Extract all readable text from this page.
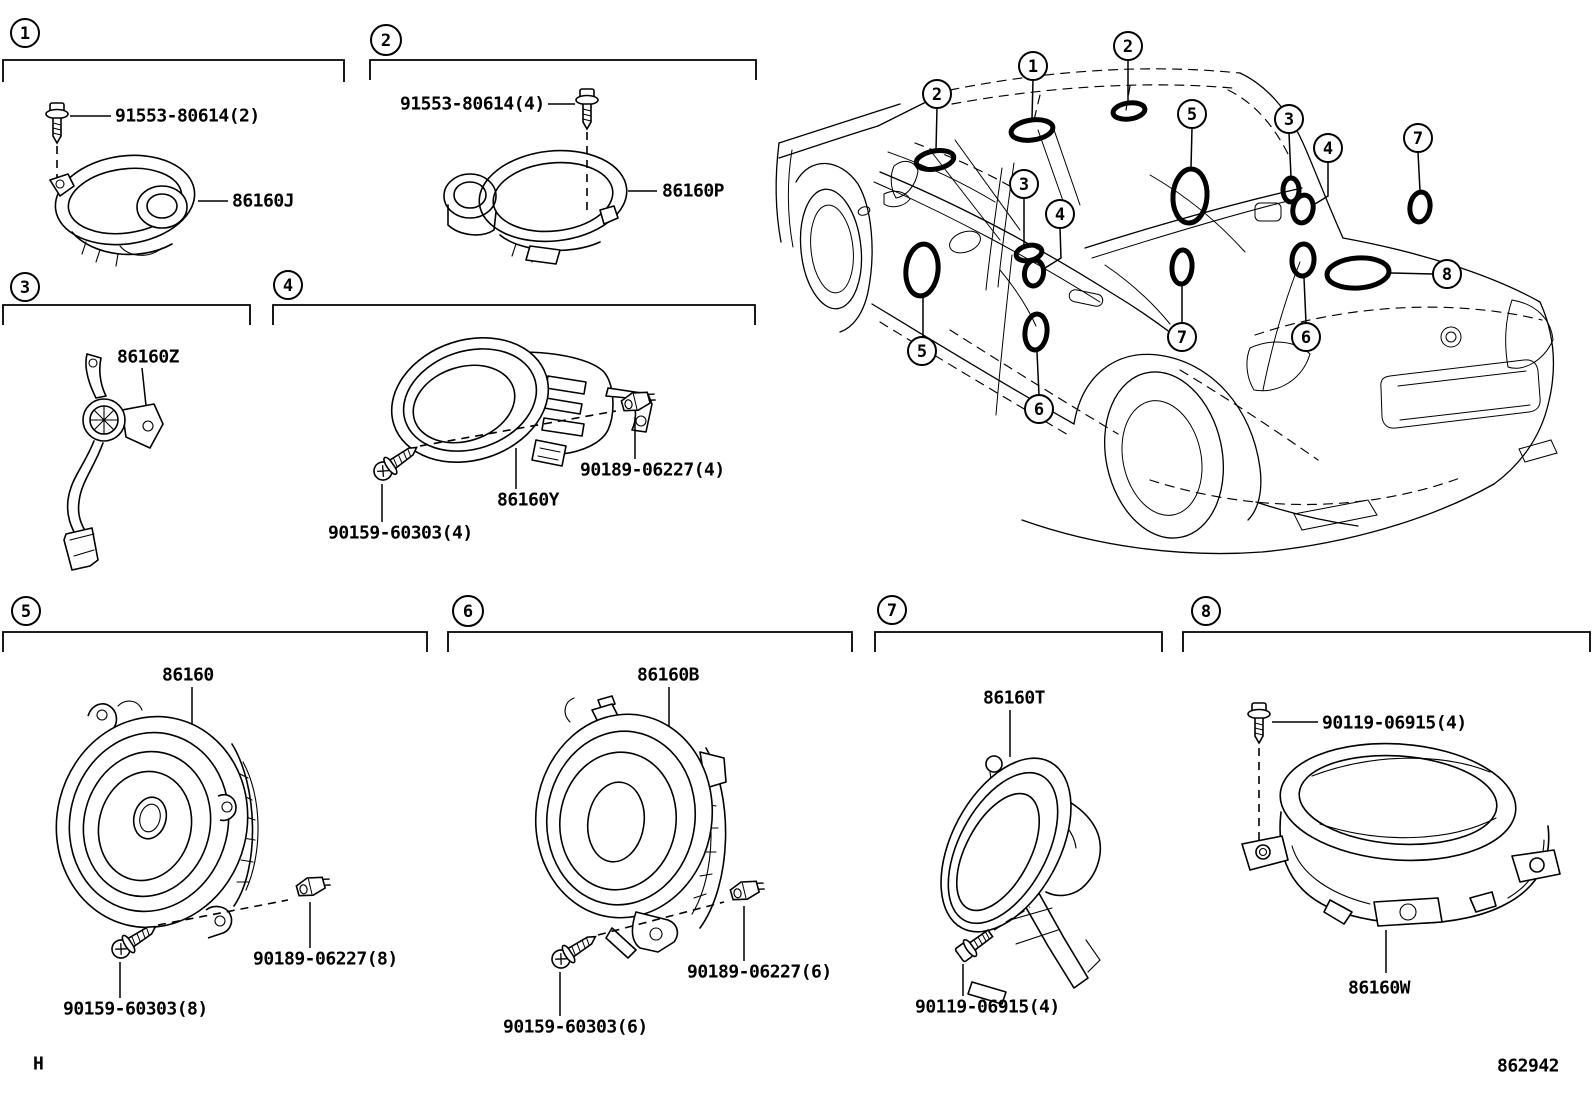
1
91553-80614(2)
86160J
2
91553-80614(4)
86160P
3
86160Z
4
90189-06227(4)
86160Y
90159-60303(4)
5
86160
90189-06227(8)
90159-60303(8)
6
86160B
90189-06227(6)
90159-60303(6)
7
86160T
90119-06915(4)
8
90119-06915(4)
86160W
1
2
2
3
4
5
6
3
4
5
6
7
7
8
H	862942
